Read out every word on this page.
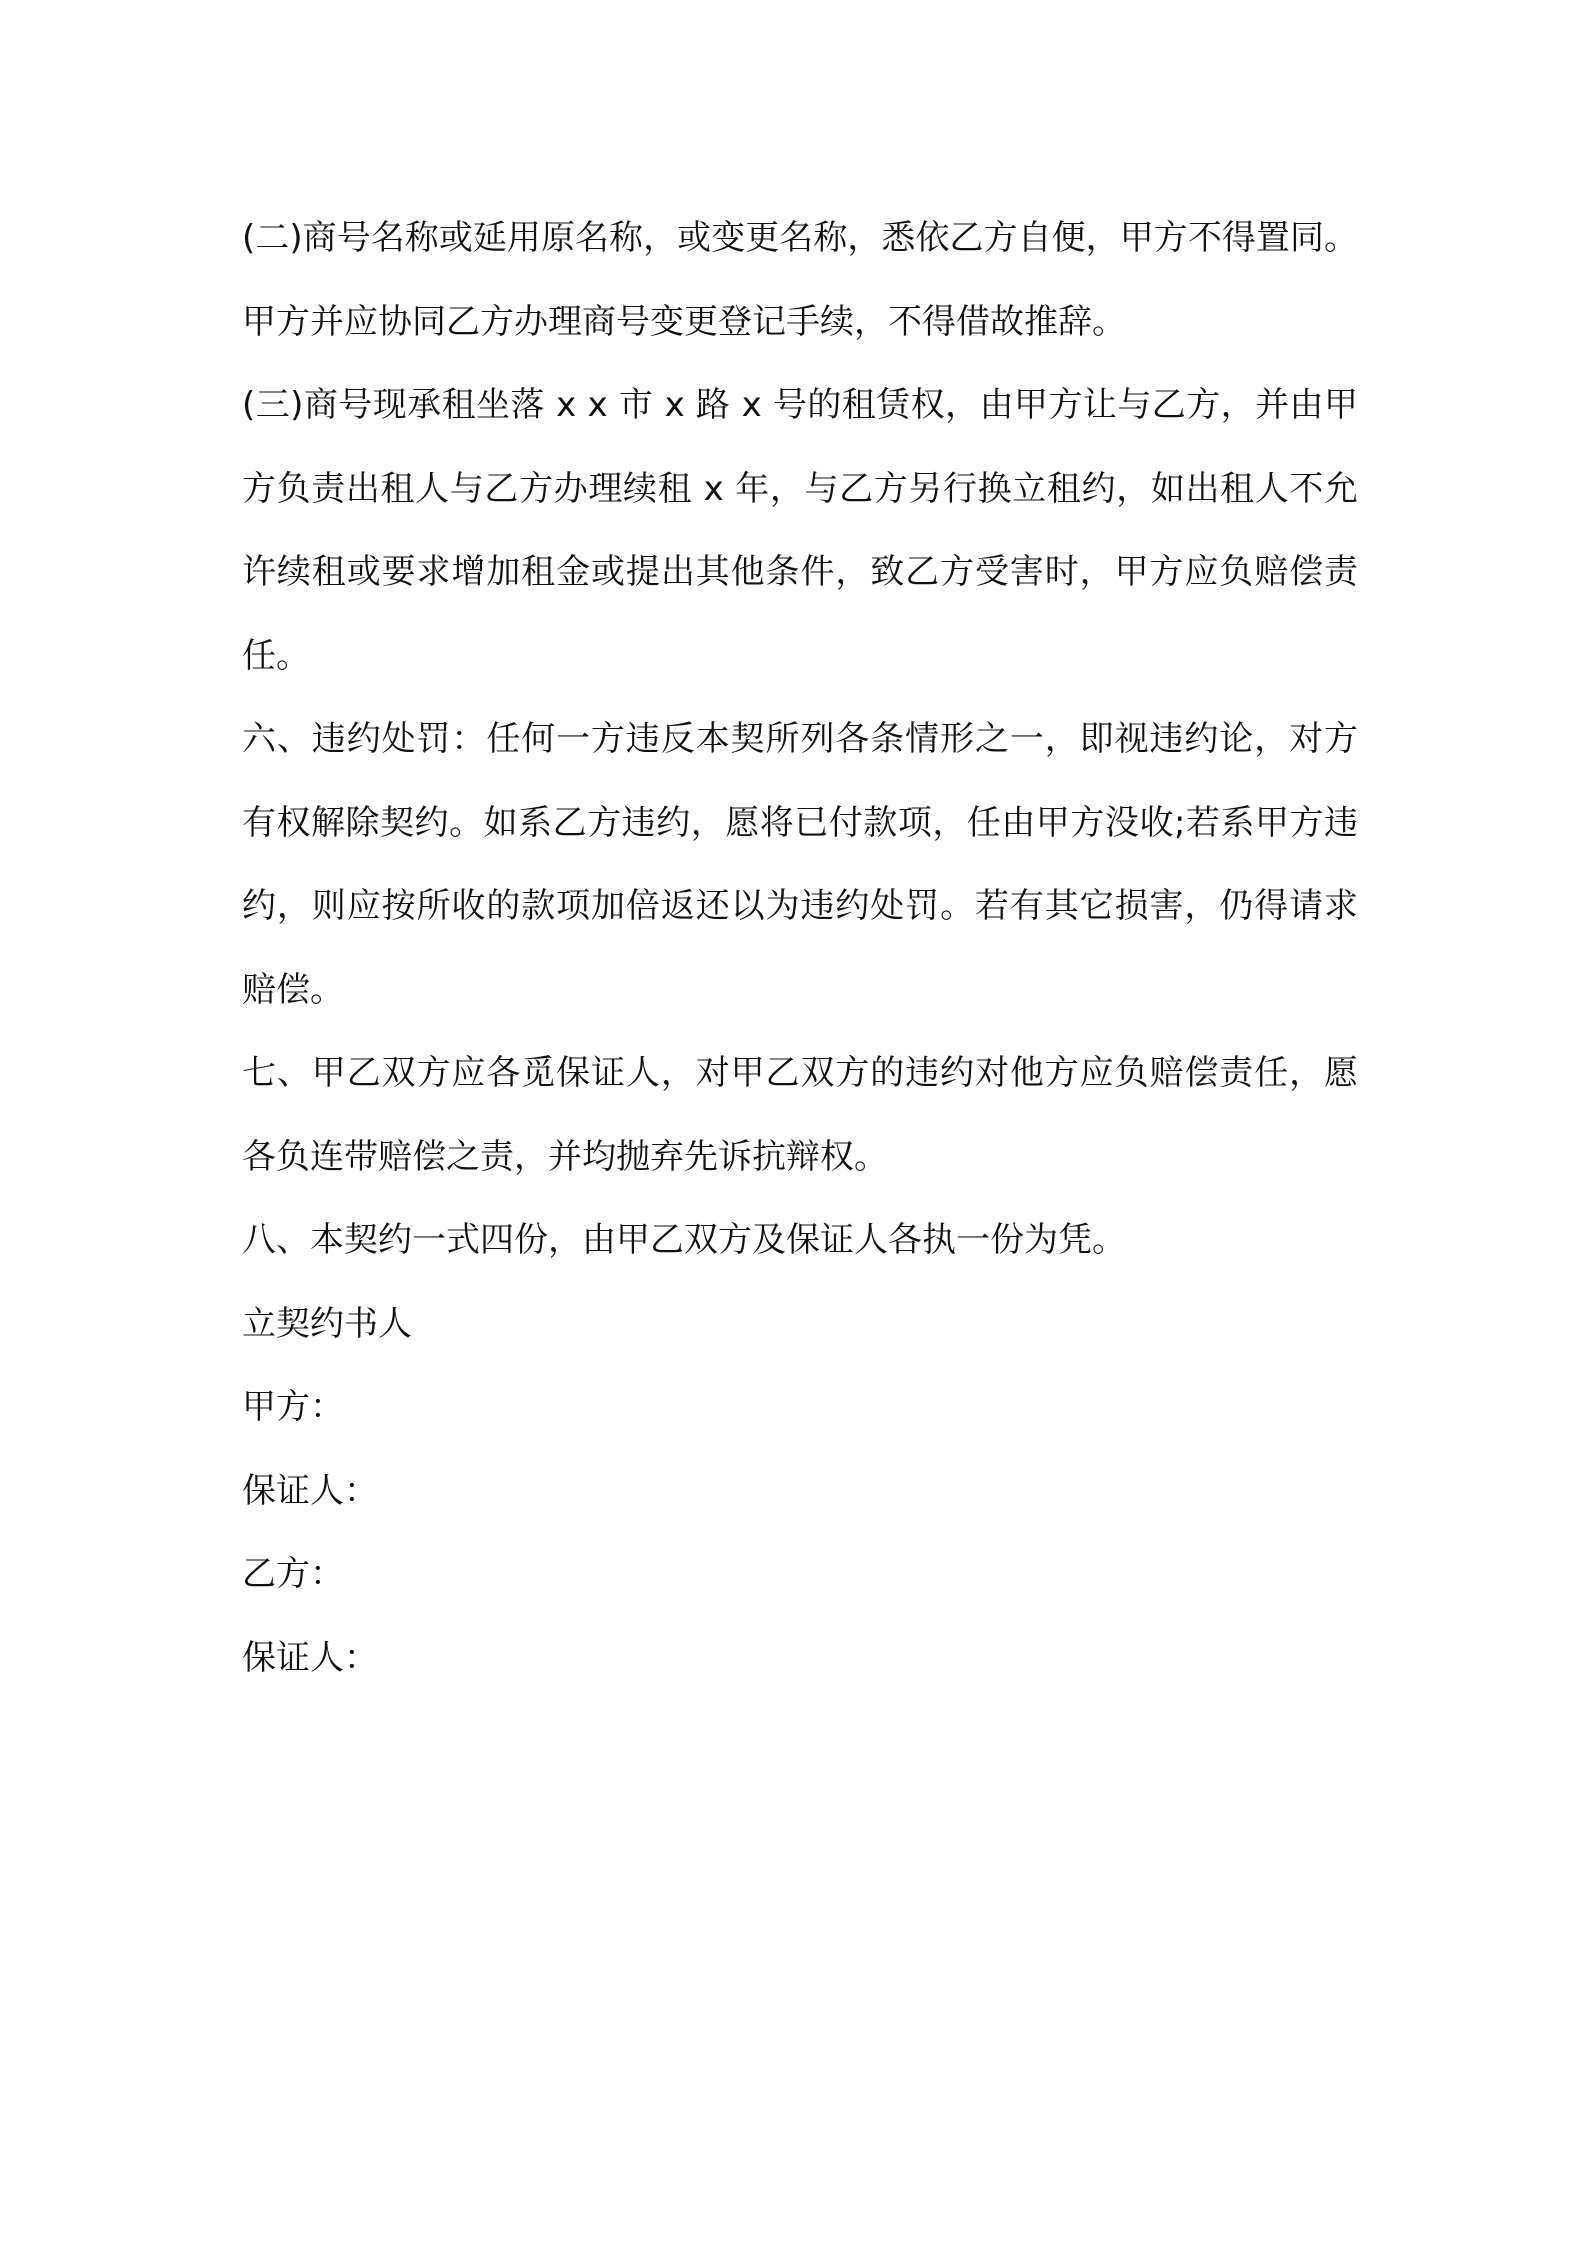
(二)商号名称或延用原名称，或变更名称，悉依乙方自便，甲方不得置同。甲方并应协同乙方办理商号变更登记手续，不得借故推辞。

(三)商号现承租坐落 x x 市 x 路 x 号的租赁权，由甲方让与乙方，并由甲方负责出租人与乙方办理续租 x 年，与乙方另行换立租约，如出租人不允许续租或要求增加租金或提出其他条件，致乙方受害时，甲方应负赔偿责任。

六、违约处罚：任何一方违反本契所列各条情形之一，即视违约论，对方有权解除契约。如系乙方违约，愿将已付款项，任由甲方没收;若系甲方违约，则应按所收的款项加倍返还以为违约处罚。若有其它损害，仍得请求赔偿。

七、甲乙双方应各觅保证人，对甲乙双方的违约对他方应负赔偿责任，愿各负连带赔偿之责，并均抛弃先诉抗辩权。

八、本契约一式四份，由甲乙双方及保证人各执一份为凭。

立契约书人

甲方：

保证人：

乙方：

保证人：
